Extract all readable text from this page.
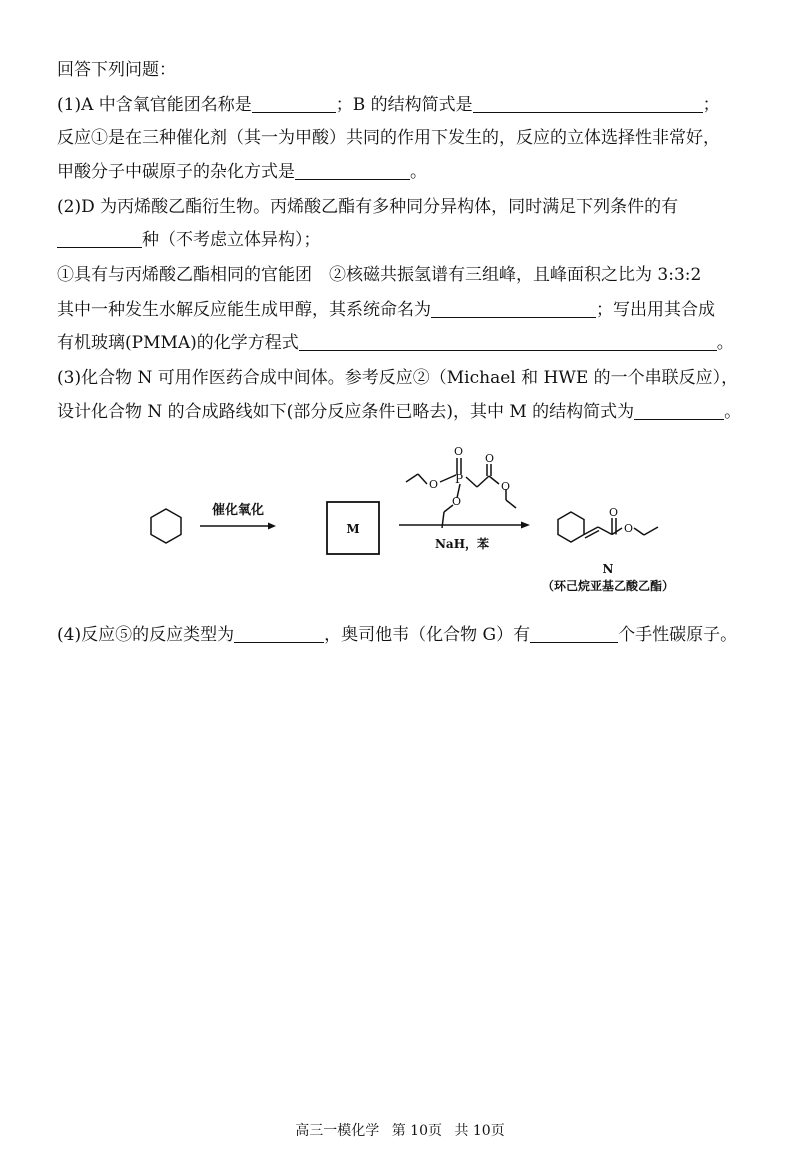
回答下列问题：
(1)A 中含氧官能团名称是	；B 的结构简式是	；
反应①是在三种催化剂（其一为甲酸）共同的作用下发生的，反应的立体选择性非常好，
甲酸分子中碳原子的杂化方式是	。
(2)D 为丙烯酸乙酯衍生物。丙烯酸乙酯有多种同分异构体，同时满足下列条件的有
种（不考虑立体异构）；
①具有与丙烯酸乙酯相同的官能团　②核磁共振氢谱有三组峰，且峰面积之比为 3:3:2
其中一种发生水解反应能生成甲醇，其系统命名为	；写出用其合成
有机玻璃(PMMA)的化学方程式	。
(3)化合物 N 可用作医药合成中间体。参考反应②（Michael 和 HWE 的一个串联反应），
设计化合物 N 的合成路线如下(部分反应条件已略去)，其中 M 的结构简式为	。
O
P
O
O
O
O
O
O
催化氧化
M
NaH，苯
N
（环己烷亚基乙酸乙酯）
(4)反应⑤的反应类型为	，奥司他韦（化合物 G）有	个手性碳原子。
高三一模化学 第 10页 共 10页
